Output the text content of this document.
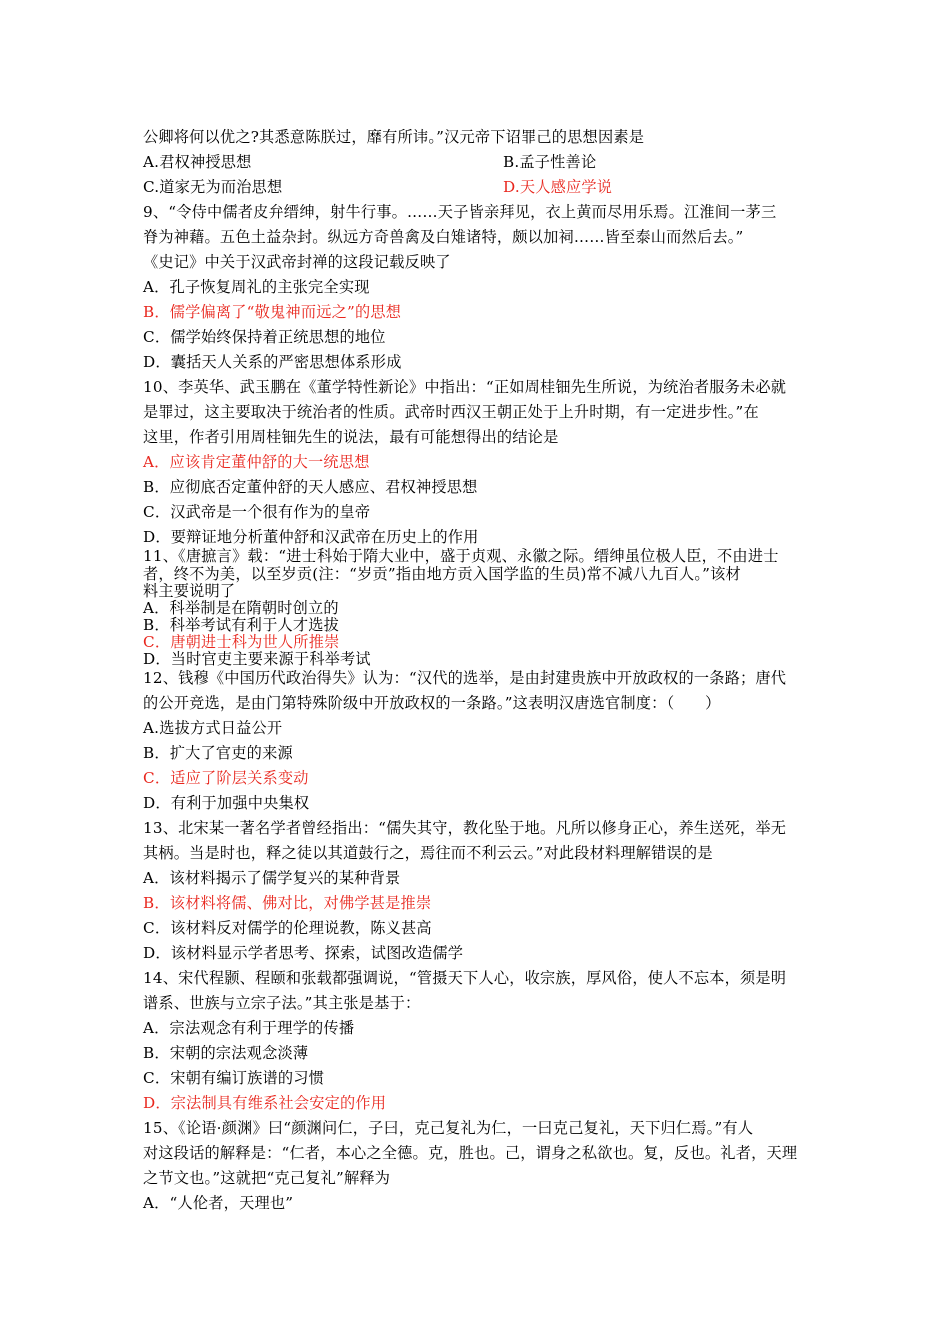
公卿将何以优之?其悉意陈朕过，靡有所讳。”汉元帝下诏罪己的思想因素是
A.君权神授思想	B.孟子性善论
C.道家无为而治思想	D.天人感应学说
9、“令侍中儒者皮弁缙绅，射牛行事。……天子皆亲拜见，衣上黄而尽用乐焉。江淮间一茅三
脊为神藉。五色土益杂封。纵远方奇兽禽及白雉诸特，颇以加祠……皆至泰山而然后去。”
《史记》中关于汉武帝封禅的这段记载反映了
A．孔子恢复周礼的主张完全实现
B．儒学偏离了“敬鬼神而远之”的思想
C．儒学始终保持着正统思想的地位
D．囊括天人关系的严密思想体系形成
10、李英华、武玉鹏在《董学特性新论》中指出：“正如周桂钿先生所说，为统治者服务未必就
是罪过，这主要取决于统治者的性质。武帝时西汉王朝正处于上升时期，有一定进步性。”在
这里，作者引用周桂钿先生的说法，最有可能想得出的结论是
A．应该肯定董仲舒的大一统思想
B．应彻底否定董仲舒的天人感应、君权神授思想
C．汉武帝是一个很有作为的皇帝
D．要辩证地分析董仲舒和汉武帝在历史上的作用
11、《唐摭言》载：“进士科始于隋大业中，盛于贞观、永徽之际。缙绅虽位极人臣，不由进士
者，终不为美，以至岁贡(注：“岁贡”指由地方贡入国学监的生员)常不减八九百人。”该材
料主要说明了
A．科举制是在隋朝时创立的
B．科举考试有利于人才选拔
C．唐朝进士科为世人所推崇
D．当时官吏主要来源于科举考试
12、钱穆《中国历代政治得失》认为：“汉代的选举，是由封建贵族中开放政权的一条路；唐代
的公开竞选，是由门第特殊阶级中开放政权的一条路。”这表明汉唐选官制度：（　　）
A.选拔方式日益公开
B．扩大了官吏的来源
C．适应了阶层关系变动
D．有利于加强中央集权
13、北宋某一著名学者曾经指出：“儒失其守，教化坠于地。凡所以修身正心，养生送死，举无
其柄。当是时也，释之徒以其道鼓行之，焉往而不利云云。”对此段材料理解错误的是
A．该材料揭示了儒学复兴的某种背景
B．该材料将儒、佛对比，对佛学甚是推崇
C．该材料反对儒学的伦理说教，陈义甚高
D．该材料显示学者思考、探索，试图改造儒学
14、宋代程颢、程颐和张载都强调说，“管摄天下人心，收宗族，厚风俗，使人不忘本，须是明
谱系、世族与立宗子法。”其主张是基于：
A．宗法观念有利于理学的传播
B．宋朝的宗法观念淡薄
C．宋朝有编订族谱的习惯
D．宗法制具有维系社会安定的作用
15、《论语·颜渊》曰“颜渊问仁，子曰，克己复礼为仁，一曰克己复礼，天下归仁焉。”有人
对这段话的解释是：“仁者，本心之全德。克，胜也。己，谓身之私欲也。复，反也。礼者，天理
之节文也。”这就把“克己复礼”解释为
A．“人伦者，天理也”
